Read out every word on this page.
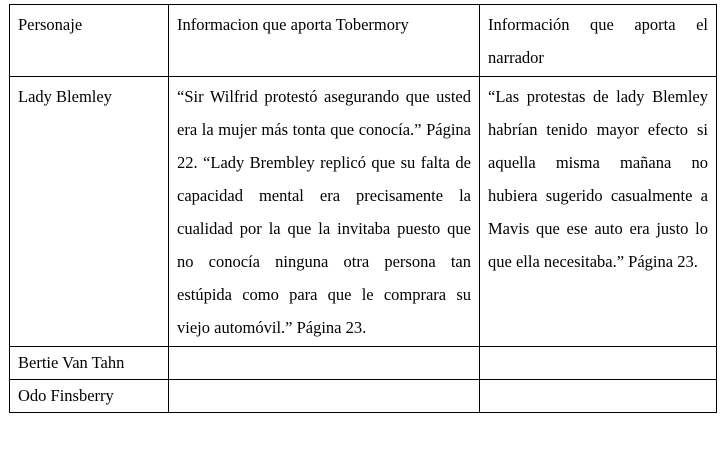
Personaje	Informacion que aporta Tobermory	Información que aporta el narrador
Lady Blemley	“Sir Wilfrid protestó asegurando que usted era la mujer más tonta que conocía.” Página 22. “Lady Brembley replicó que su falta de capacidad mental era precisamente la cualidad por la que la invitaba puesto que no conocía ninguna otra persona tan estúpida como para que le comprara su viejo automóvil.” Página 23.	“Las protestas de lady Blemley habrían tenido mayor efecto si aquella misma mañana no hubiera sugerido casualmente a Mavis que ese auto era justo lo que ella necesitaba.” Página 23.
Bertie Van Tahn		
Odo Finsberry		
